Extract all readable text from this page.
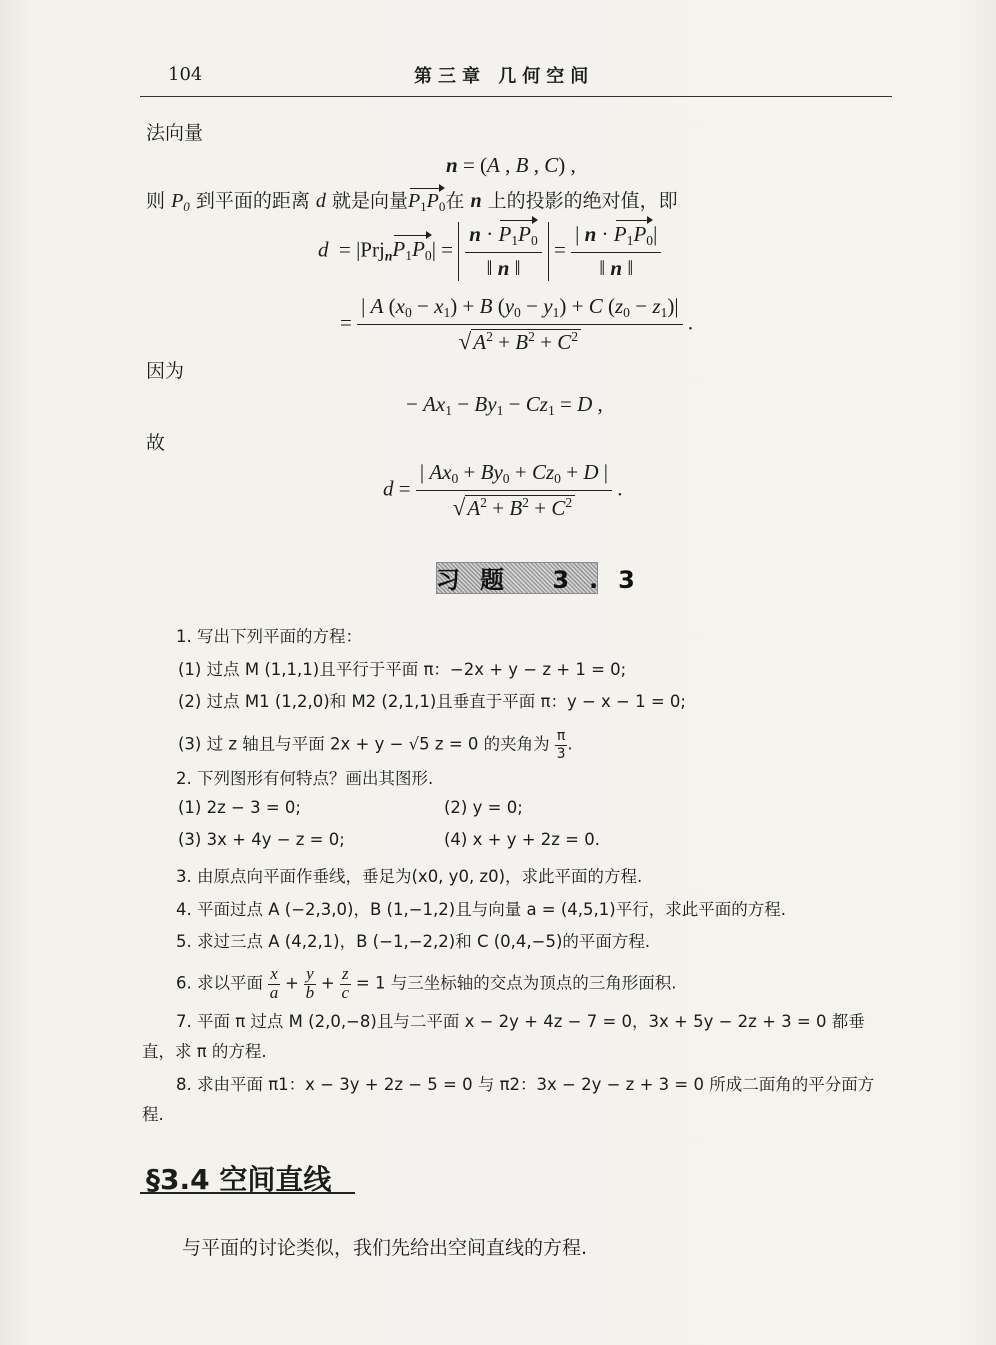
104	第三章 几何空间
法向量
n = (A , B , C) ,
则 $P_0$ 到平面的距离 d 就是向量$P_1P_0$在 n 上的投影的绝对值，即
$d = |Prj_nP_1P_0| = \frac{n \cdot P_1P_0}{‖ n ‖} = \frac{| n \cdot P_1P_0|}{‖ n ‖}$
= $\frac{| A (x_0 - x_1) + B (y_0 - y_1) + C (z_0 - z_1)|}{√A^2 + B^2 + C^2}$ .
因为
− $Ax_1 - By_1 - Cz_1 = D$ ,
故
$d = \frac{| Ax_0 + By_0 + Cz_0 + D |}{√A^2 + B^2 + C^2}$ .
习题 3.3
1. 写出下列平面的方程：
(1) 过点 M (1,1,1)且平行于平面 π：−2x + y − z + 1 = 0;
(2) 过点 M1 (1,2,0)和 M2 (2,1,1)且垂直于平面 π：y − x − 1 = 0;
(3) 过 z 轴且与平面 2x + y − √5 z = 0 的夹角为 $\frac{\pi}{3}$ .
2. 下列图形有何特点？画出其图形.
(1) 2z − 3 = 0;	(2) y = 0;
(3) 3x + 4y − z = 0;	(4) x + y + 2z = 0.
3. 由原点向平面作垂线，垂足为(x0, y0, z0)，求此平面的方程.
4. 平面过点 A (−2,3,0)，B (1,−1,2)且与向量 a = (4,5,1)平行，求此平面的方程.
5. 求过三点 A (4,2,1)，B (−1,−2,2)和 C (0,4,−5)的平面方程.
6. 求以平面 $\frac{x}{a} + \frac{y}{b} + \frac{z}{c} = 1$ 与三坐标轴的交点为顶点的三角形面积.
7. 平面 π 过点 M (2,0,−8)且与二平面 x − 2y + 4z − 7 = 0，3x + 5y − 2z + 3 = 0 都垂
直，求 π 的方程.
8. 求由平面 π1：x − 3y + 2z − 5 = 0 与 π2：3x − 2y − z + 3 = 0 所成二面角的平分面方
程.
§3.4 空间直线
与平面的讨论类似，我们先给出空间直线的方程.
